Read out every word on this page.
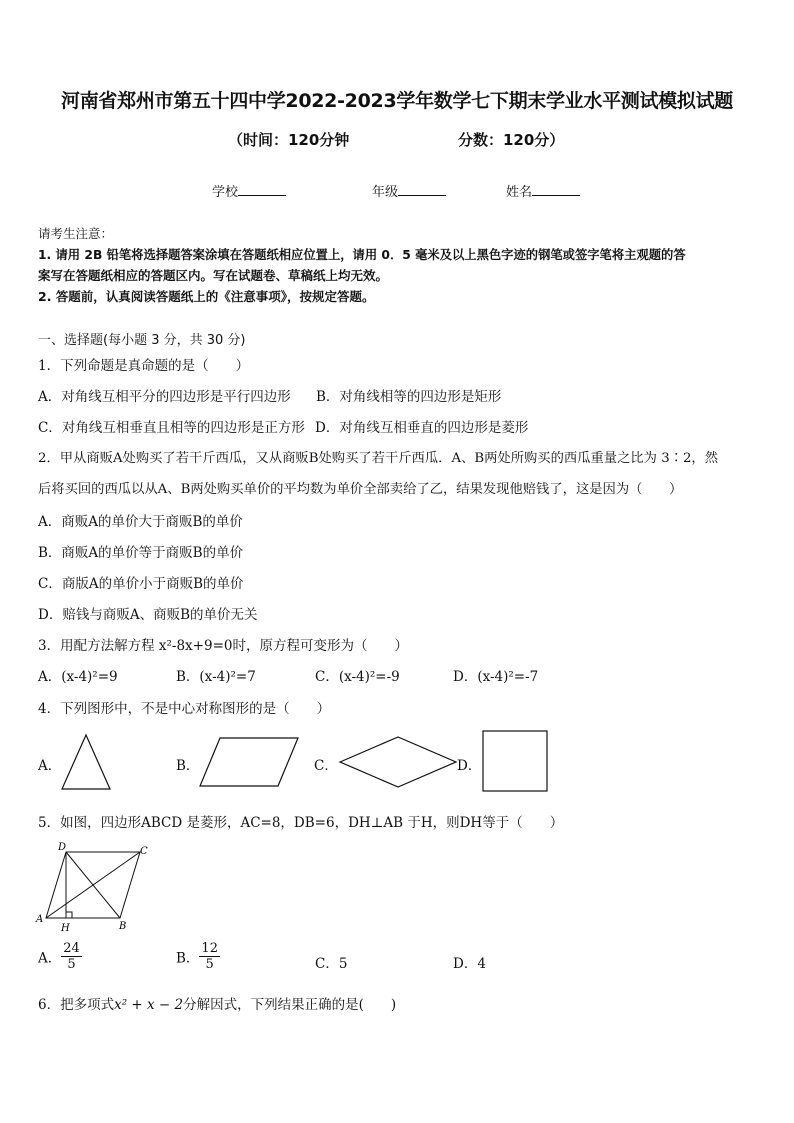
河南省郑州市第五十四中学2022-2023学年数学七下期末学业水平测试模拟试题
（时间：120分钟	分数：120分）
学校	年级	姓名
请考生注意：
1. 请用 2B 铅笔将选择题答案涂填在答题纸相应位置上，请用 0．5 毫米及以上黑色字迹的钢笔或签字笔将主观题的答
案写在答题纸相应的答题区内。写在试题卷、草稿纸上均无效。
2. 答题前，认真阅读答题纸上的《注意事项》，按规定答题。
一、选择题(每小题 3 分，共 30 分)
1．下列命题是真命题的是（　　）
A．对角线互相平分的四边形是平行四边形 B．对角线相等的四边形是矩形
C．对角线互相垂直且相等的四边形是正方形 D．对角线互相垂直的四边形是菱形
2．甲从商贩A处购买了若干斤西瓜，又从商贩B处购买了若干斤西瓜．A、B两处所购买的西瓜重量之比为 3∶2，然
后将买回的西瓜以从A、B两处购买单价的平均数为单价全部卖给了乙，结果发现他赔钱了，这是因为（　　）
A．商贩A的单价大于商贩B的单价
B．商贩A的单价等于商贩B的单价
C．商版A的单价小于商贩B的单价
D．赔钱与商贩A、商贩B的单价无关
3．用配方法解方程 x²-8x+9=0时，原方程可变形为（　　）
A．(x-4)²=9	B．(x-4)²=7	C．(x-4)²=-9	D．(x-4)²=-7
4．下列图形中，不是中心对称图形的是（　　）
A．	B．	C．	D．
5．如图，四边形ABCD 是菱形，AC=8，DB=6，DH⊥AB 于H，则DH等于（　　）
A
B
C
D
H
A． $\frac{24}{5}$	B． $\frac{12}{5}$	C．5	D．4
6．把多项式x² + x − 2分解因式，下列结果正确的是(　　)
